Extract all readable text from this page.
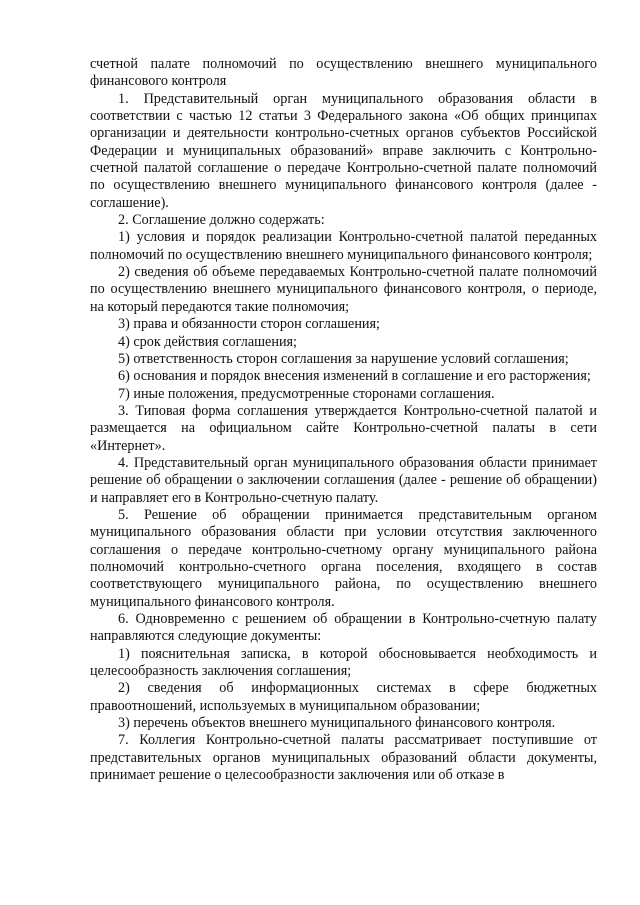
счетной палате полномочий по осуществлению внешнего муниципального финансового контроля

1. Представительный орган муниципального образования области в соответствии с частью 12 статьи 3 Федерального закона «Об общих принципах организации и деятельности контрольно-счетных органов субъектов Российской Федерации и муниципальных образований» вправе заключить с Контрольно-счетной палатой соглашение о передаче Контрольно-счетной палате полномочий по осуществлению внешнего муниципального финансового контроля (далее - соглашение).

2. Соглашение должно содержать:

1) условия и порядок реализации Контрольно-счетной палатой переданных полномочий по осуществлению внешнего муниципального финансового контроля;

2) сведения об объеме передаваемых Контрольно-счетной палате полномочий по осуществлению внешнего муниципального финансового контроля, о периоде, на который передаются такие полномочия;

3) права и обязанности сторон соглашения;

4) срок действия соглашения;

5) ответственность сторон соглашения за нарушение условий соглашения;

6) основания и порядок внесения изменений в соглашение и его расторжения;

7) иные положения, предусмотренные сторонами соглашения.

3. Типовая форма соглашения утверждается Контрольно-счетной палатой и размещается на официальном сайте Контрольно-счетной палаты в сети «Интернет».

4. Представительный орган муниципального образования области принимает решение об обращении о заключении соглашения (далее - решение об обращении) и направляет его в Контрольно-счетную палату.

5. Решение об обращении принимается представительным органом муниципального образования области при условии отсутствия заключенного соглашения о передаче контрольно-счетному органу муниципального района полномочий контрольно-счетного органа поселения, входящего в состав соответствующего муниципального района, по осуществлению внешнего муниципального финансового контроля.

6. Одновременно с решением об обращении в Контрольно-счетную палату направляются следующие документы:

1) пояснительная записка, в которой обосновывается необходимость и целесообразность заключения соглашения;

2) сведения об информационных системах в сфере бюджетных правоотношений, используемых в муниципальном образовании;

3) перечень объектов внешнего муниципального финансового контроля.

7. Коллегия Контрольно-счетной палаты рассматривает поступившие от представительных органов муниципальных образований области документы, принимает решение о целесообразности заключения или об отказе в
